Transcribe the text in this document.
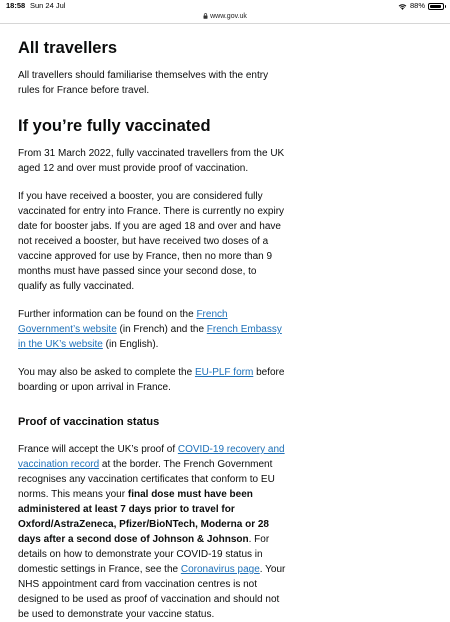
18:58 Sun 24 Jul	88%
www.gov.uk
All travellers

All travellers should familiarise themselves with the entry rules for France before travel.

If you’re fully vaccinated

From 31 March 2022, fully vaccinated travellers from the UK aged 12 and over must provide proof of vaccination.

If you have received a booster, you are considered fully vaccinated for entry into France. There is currently no expiry date for booster jabs. If you are aged 18 and over and have not received a booster, but have received two doses of a vaccine approved for use by France, then no more than 9 months must have passed since your second dose, to qualify as fully vaccinated.

Further information can be found on the French Government’s website (in French) and the French Embassy in the UK’s website (in English).

You may also be asked to complete the EU-PLF form before boarding or upon arrival in France.

Proof of vaccination status

France will accept the UK’s proof of COVID-19 recovery and vaccination record at the border. The French Government recognises any vaccination certificates that conform to EU norms. This means your final dose must have been administered at least 7 days prior to travel for Oxford/AstraZeneca, Pfizer/BioNTech, Moderna or 28 days after a second dose of Johnson & Johnson. For details on how to demonstrate your COVID-19 status in domestic settings in France, see the Coronavirus page. Your NHS appointment card from vaccination centres is not designed to be used as proof of vaccination and should not be used to demonstrate your vaccine status.
